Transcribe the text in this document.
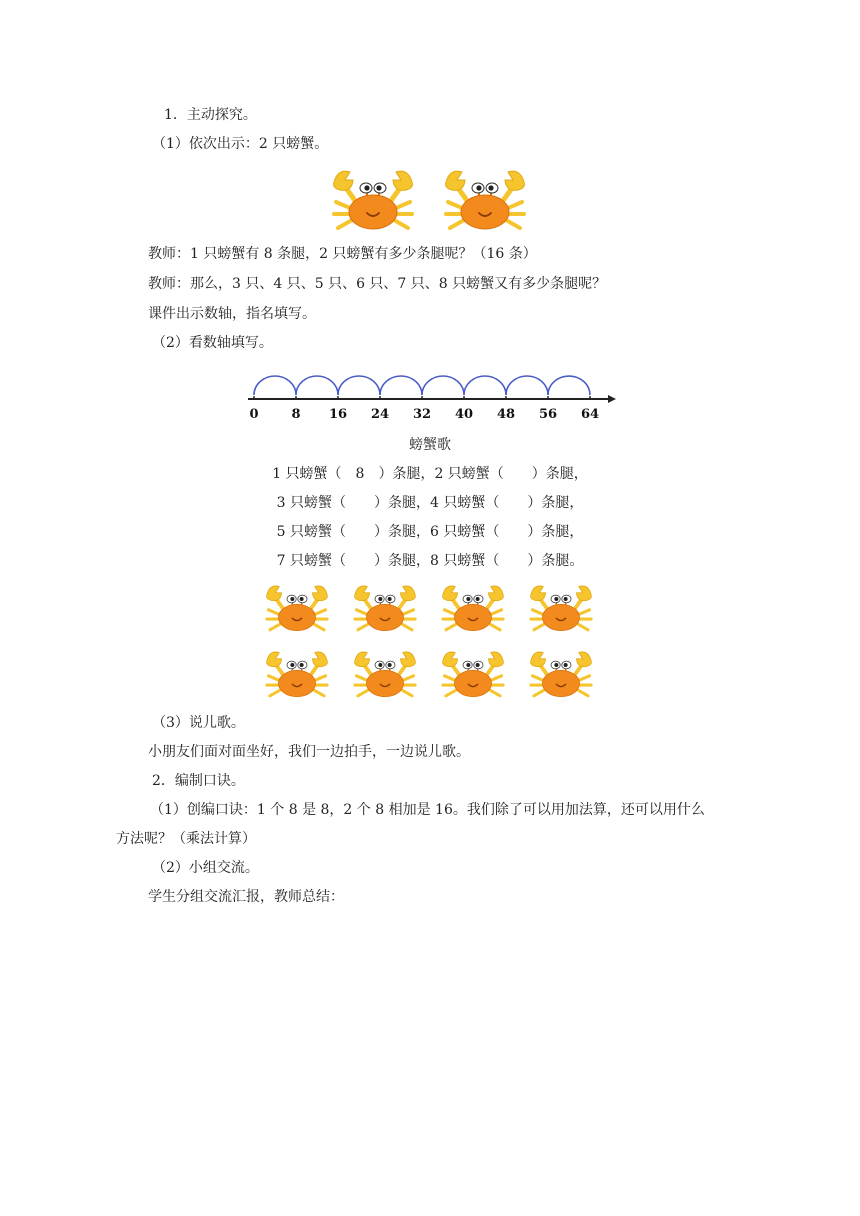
1．主动探究。
（1）依次出示：2 只螃蟹。
教师：1 只螃蟹有 8 条腿，2 只螃蟹有多少条腿呢？（16 条）
教师：那么，3 只、4 只、5 只、6 只、7 只、8 只螃蟹又有多少条腿呢？
课件出示数轴，指名填写。
（2）看数轴填写。
0	8 16 24 32 40 48 56 64
螃蟹歌
1 只螃蟹（　8　）条腿，2 只螃蟹（　　）条腿，
3 只螃蟹（　　）条腿，4 只螃蟹（　　）条腿，
5 只螃蟹（　　）条腿，6 只螃蟹（　　）条腿，
7 只螃蟹（　　）条腿，8 只螃蟹（　　）条腿。
（3）说儿歌。
小朋友们面对面坐好，我们一边拍手，一边说儿歌。
2．编制口诀。
（1）创编口诀：1 个 8 是 8，2 个 8 相加是 16。我们除了可以用加法算，还可以用什么
方法呢？（乘法计算）
（2）小组交流。
学生分组交流汇报，教师总结：
